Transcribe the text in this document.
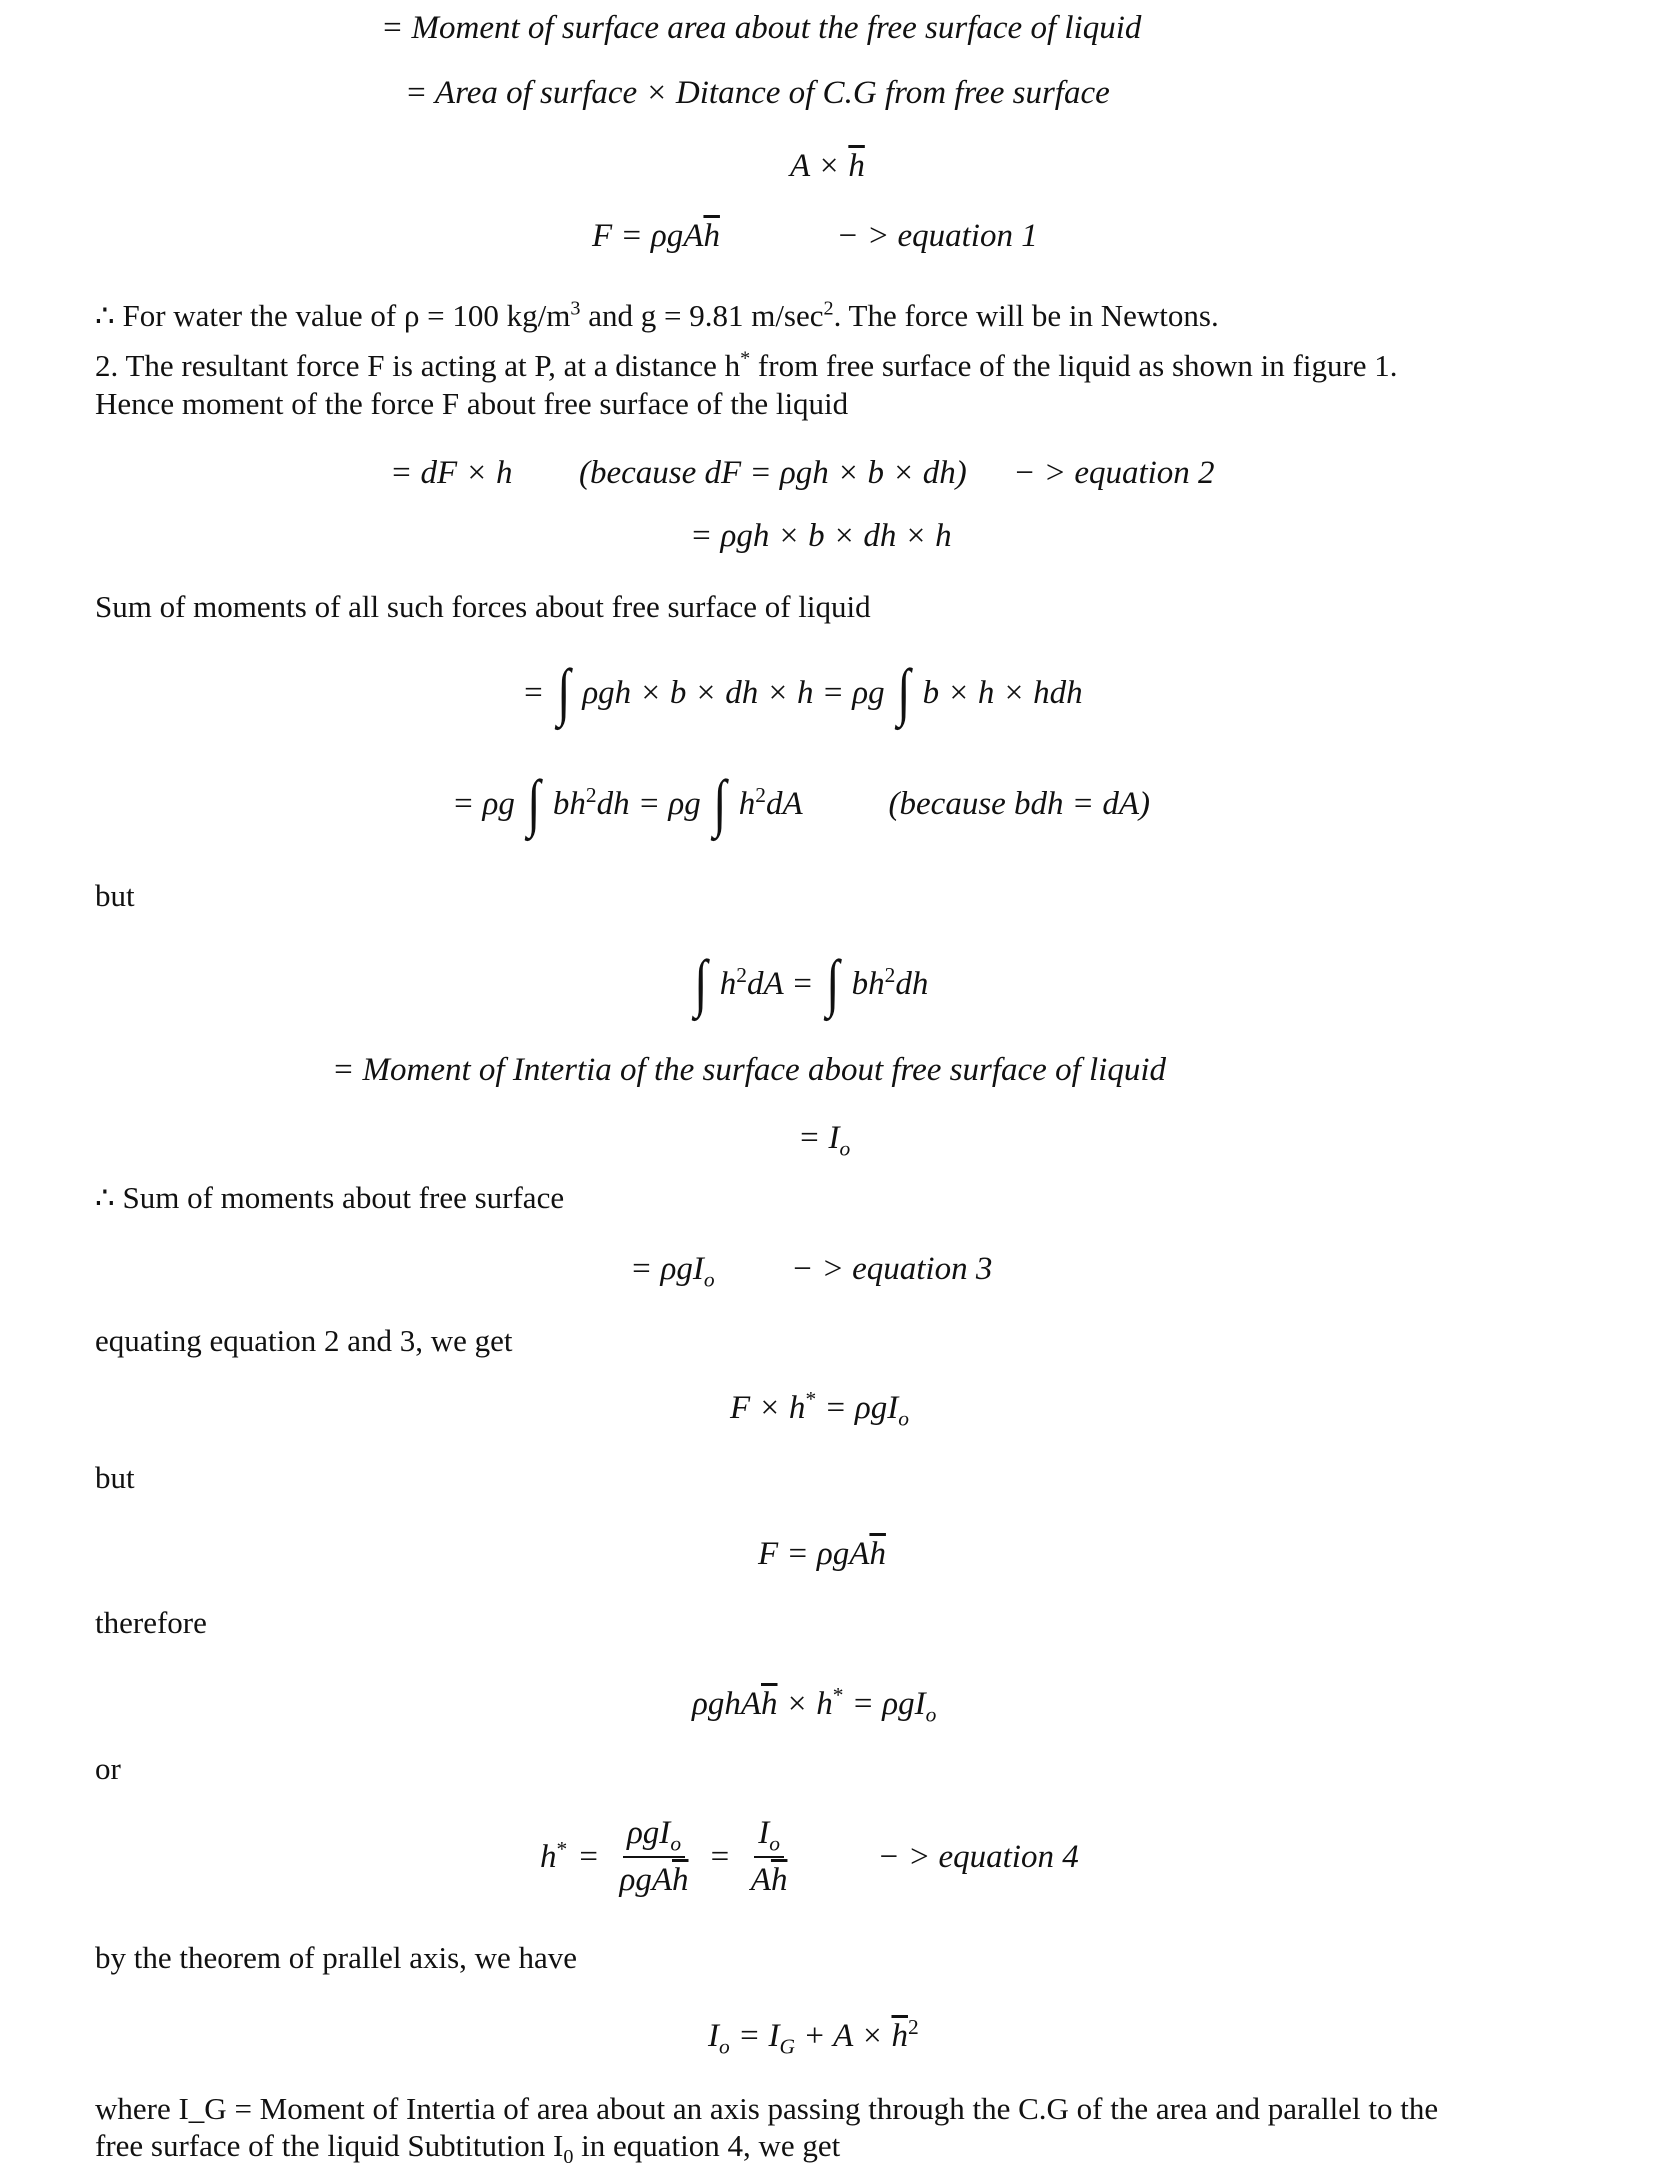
= Moment of surface area about the free surface of liquid
= Area of surface × Ditance of C.G from free surface
$A \times \overline{h}$
$F = \rho gA\overline{h}$	− > equation 1
∴ For water the value of ρ = 100 $kg/m^3$ and g = 9.81 $m/\sec^2$. The force will be in Newtons.
2. The resultant force F is acting at P, at a distance h* from free surface of the liquid as shown in figure 1.
Hence moment of the force F about free surface of the liquid
= dF × h (because dF = ρgh × b × dh) − > equation 2
= ρgh × b × dh × h
Sum of moments of all such forces about free surface of liquid
= ∫ ρgh × b × dh × h = ρg ∫ b × h × hdh
= ρg ∫ $bh^2dh = \rho g$ ∫ $h^2dA$	(because bdh = dA)
but
∫ $h^2dA$ = ∫ $bh^2dh$
= Moment of Intertia of the surface about free surface of liquid
= $I_o$
∴ Sum of moments about free surface
= ρgI$_o$ − > equation 3
equating equation 2 and 3, we get
F × h* = ρgI$_o$
but
$F = \rho gA\overline{h}$
therefore
$\rho ghA\overline{h} \times h^* = \rho gI_o$
or
$h^* = \frac{\rho gI_o}{\rho gA\overline{h}} = \frac{I_o}{A\overline{h}}$	− > equation 4
by the theorem of prallel axis, we have
$I_o = I_G + A \times \overline{h}^2$
where I_G = Moment of Intertia of area about an axis passing through the C.G of the area and parallel to the
free surface of the liquid Subtitution $I_0$ in equation 4, we get
